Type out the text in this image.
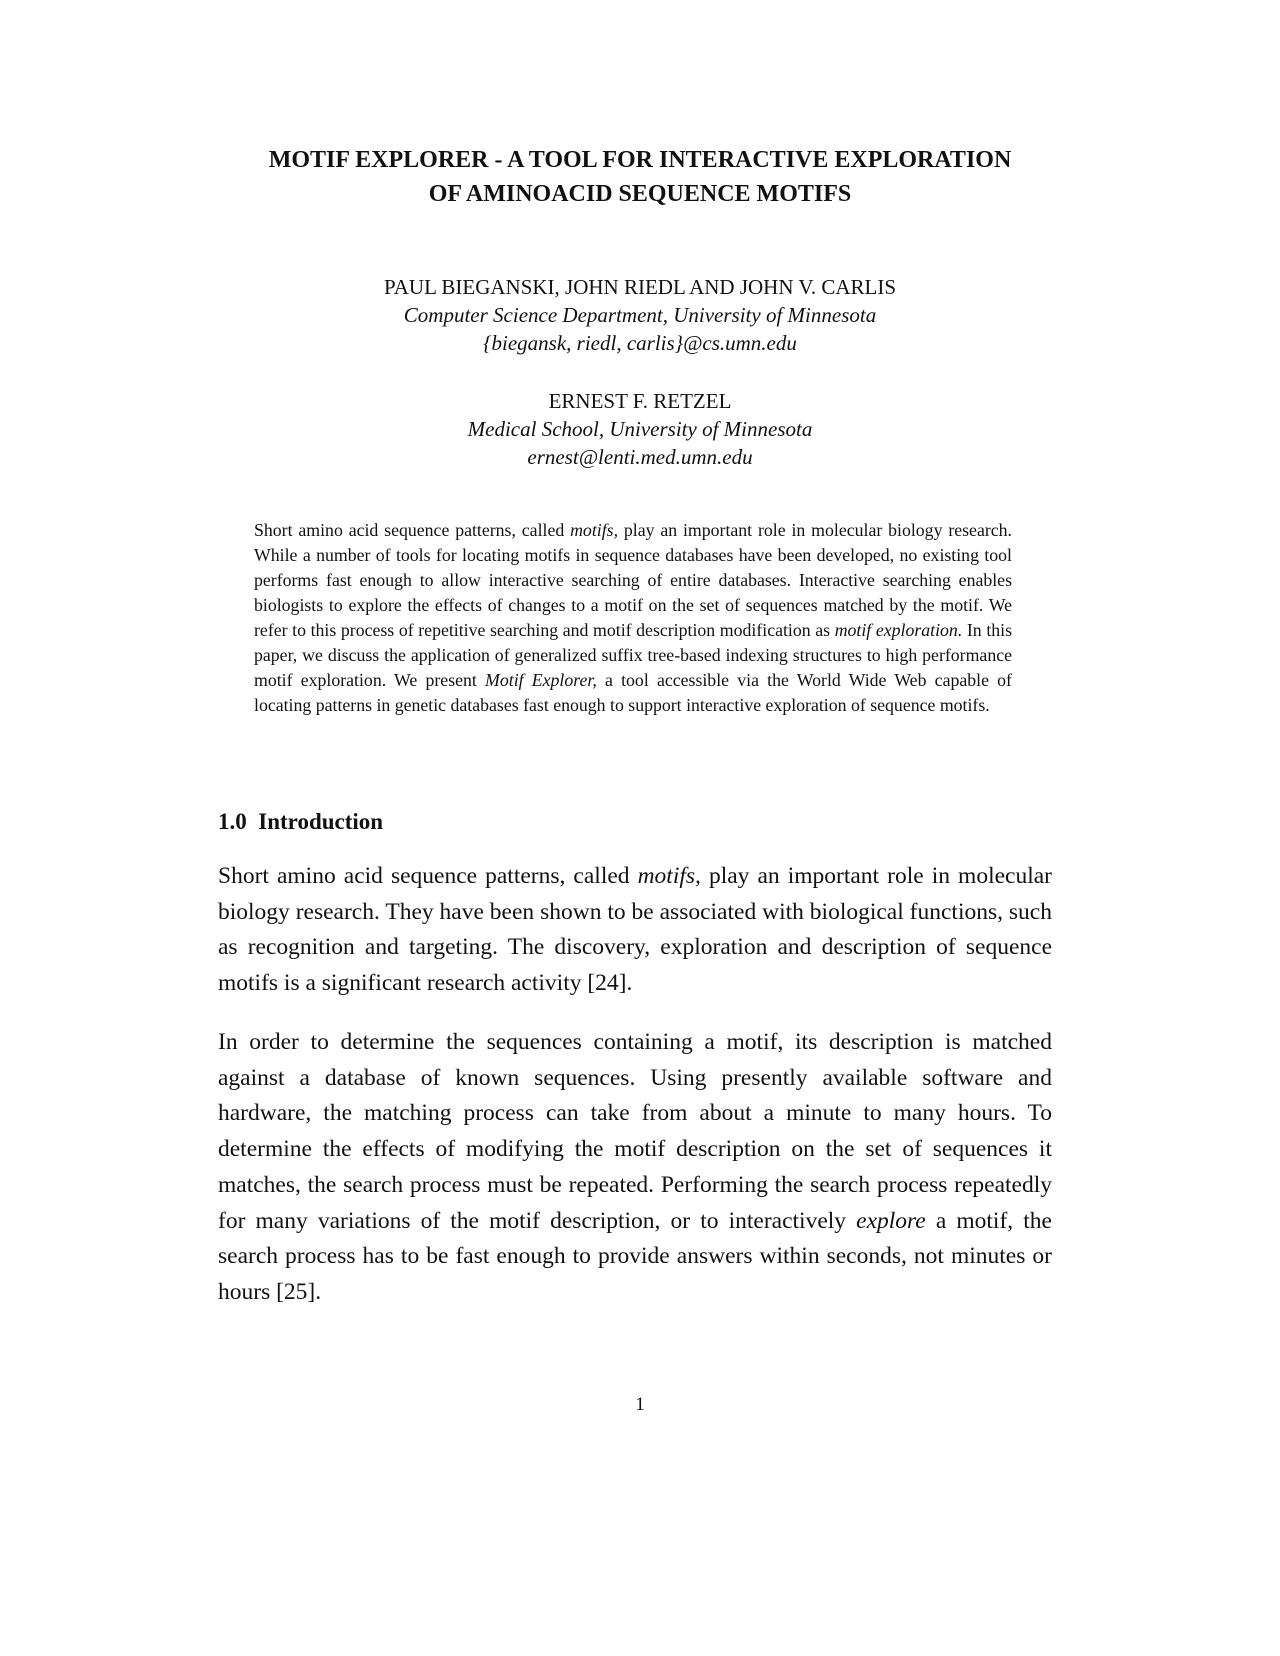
MOTIF EXPLORER - A TOOL FOR INTERACTIVE EXPLORATION
OF AMINOACID SEQUENCE MOTIFS
PAUL BIEGANSKI, JOHN RIEDL AND JOHN V. CARLIS
Computer Science Department, University of Minnesota
{biegansk, riedl, carlis}@cs.umn.edu
ERNEST F. RETZEL
Medical School, University of Minnesota
ernest@lenti.med.umn.edu

Short amino acid sequence patterns, called motifs, play an important role in molecular biology research. While a number of tools for locating motifs in sequence databases have been developed, no existing tool performs fast enough to allow interactive searching of entire databases. Interactive searching enables biologists to explore the effects of changes to a motif on the set of sequences matched by the motif. We refer to this process of repetitive searching and motif description modification as motif exploration. In this paper, we discuss the application of generalized suffix tree-based indexing structures to high performance motif exploration. We present Motif Explorer, a tool accessible via the World Wide Web capable of locating patterns in genetic databases fast enough to support interactive exploration of sequence motifs.

1.0 Introduction

Short amino acid sequence patterns, called motifs, play an important role in molecular biology research. They have been shown to be associated with biological functions, such as recognition and targeting. The discovery, exploration and description of sequence motifs is a significant research activity [24].

In order to determine the sequences containing a motif, its description is matched against a database of known sequences. Using presently available software and hardware, the matching process can take from about a minute to many hours. To determine the effects of modifying the motif description on the set of sequences it matches, the search process must be repeated. Performing the search process repeatedly for many variations of the motif description, or to interactively explore a motif, the search process has to be fast enough to provide answers within seconds, not minutes or hours [25].

1
